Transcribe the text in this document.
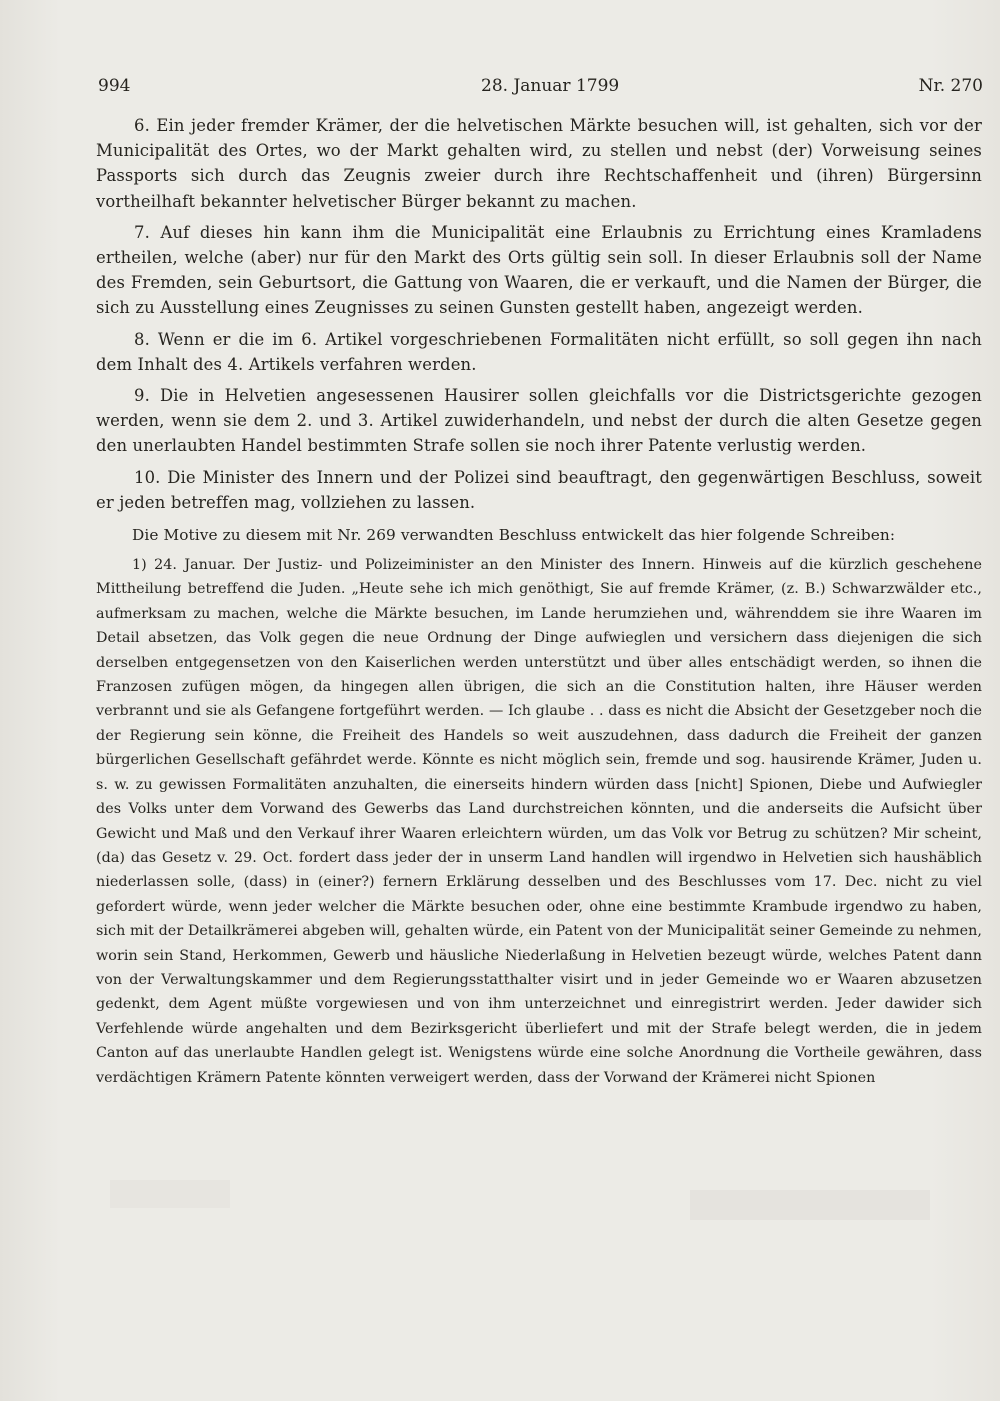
994	28. Januar 1799	Nr. 270

6. Ein jeder fremder Krämer, der die helvetischen Märkte besuchen will, ist gehalten, sich vor der Municipalität des Ortes, wo der Markt gehalten wird, zu stellen und nebst (der) Vorweisung seines Passports sich durch das Zeugnis zweier durch ihre Rechtschaffenheit und (ihren) Bürgersinn vortheilhaft bekannter helvetischer Bürger bekannt zu machen.

7. Auf dieses hin kann ihm die Municipalität eine Erlaubnis zu Errichtung eines Kramladens ertheilen, welche (aber) nur für den Markt des Orts gültig sein soll. In dieser Erlaubnis soll der Name des Fremden, sein Geburtsort, die Gattung von Waaren, die er verkauft, und die Namen der Bürger, die sich zu Ausstellung eines Zeugnisses zu seinen Gunsten gestellt haben, angezeigt werden.

8. Wenn er die im 6. Artikel vorgeschriebenen Formalitäten nicht erfüllt, so soll gegen ihn nach dem Inhalt des 4. Artikels verfahren werden.

9. Die in Helvetien angesessenen Hausirer sollen gleichfalls vor die Districtsgerichte gezogen werden, wenn sie dem 2. und 3. Artikel zuwiderhandeln, und nebst der durch die alten Gesetze gegen den unerlaubten Handel bestimmten Strafe sollen sie noch ihrer Patente verlustig werden.

10. Die Minister des Innern und der Polizei sind beauftragt, den gegenwärtigen Beschluss, soweit er jeden betreffen mag, vollziehen zu lassen.

Die Motive zu diesem mit Nr. 269 verwandten Beschluss entwickelt das hier folgende Schreiben:

1) 24. Januar. Der Justiz- und Polizeiminister an den Minister des Innern. Hinweis auf die kürzlich geschehene Mittheilung betreffend die Juden. „Heute sehe ich mich genöthigt, Sie auf fremde Krämer, (z. B.) Schwarzwälder etc., aufmerksam zu machen, welche die Märkte besuchen, im Lande herumziehen und, währenddem sie ihre Waaren im Detail absetzen, das Volk gegen die neue Ordnung der Dinge aufwieglen und versichern dass diejenigen die sich derselben entgegensetzen von den Kaiserlichen werden unterstützt und über alles entschädigt werden, so ihnen die Franzosen zufügen mögen, da hingegen allen übrigen, die sich an die Constitution halten, ihre Häuser werden verbrannt und sie als Gefangene fortgeführt werden. — Ich glaube . . dass es nicht die Absicht der Gesetzgeber noch die der Regierung sein könne, die Freiheit des Handels so weit auszudehnen, dass dadurch die Freiheit der ganzen bürgerlichen Gesellschaft gefährdet werde. Könnte es nicht möglich sein, fremde und sog. hausirende Krämer, Juden u. s. w. zu gewissen Formalitäten anzuhalten, die einerseits hindern würden dass [nicht] Spionen, Diebe und Aufwiegler des Volks unter dem Vorwand des Gewerbs das Land durchstreichen könnten, und die anderseits die Aufsicht über Gewicht und Maß und den Verkauf ihrer Waaren erleichtern würden, um das Volk vor Betrug zu schützen? Mir scheint, (da) das Gesetz v. 29. Oct. fordert dass jeder der in unserm Land handlen will irgendwo in Helvetien sich haushäblich niederlassen solle, (dass) in (einer?) fernern Erklärung desselben und des Beschlusses vom 17. Dec. nicht zu viel gefordert würde, wenn jeder welcher die Märkte besuchen oder, ohne eine bestimmte Krambude irgendwo zu haben, sich mit der Detailkrämerei abgeben will, gehalten würde, ein Patent von der Municipalität seiner Gemeinde zu nehmen, worin sein Stand, Herkommen, Gewerb und häusliche Niederlaßung in Helvetien bezeugt würde, welches Patent dann von der Verwaltungskammer und dem Regierungsstatthalter visirt und in jeder Gemeinde wo er Waaren abzusetzen gedenkt, dem Agent müßte vorgewiesen und von ihm unterzeichnet und einregistrirt werden. Jeder dawider sich Verfehlende würde angehalten und dem Bezirksgericht überliefert und mit der Strafe belegt werden, die in jedem Canton auf das unerlaubte Handlen gelegt ist. Wenigstens würde eine solche Anordnung die Vortheile gewähren, dass verdächtigen Krämern Patente könnten verweigert werden, dass der Vorwand der Krämerei nicht Spionen
